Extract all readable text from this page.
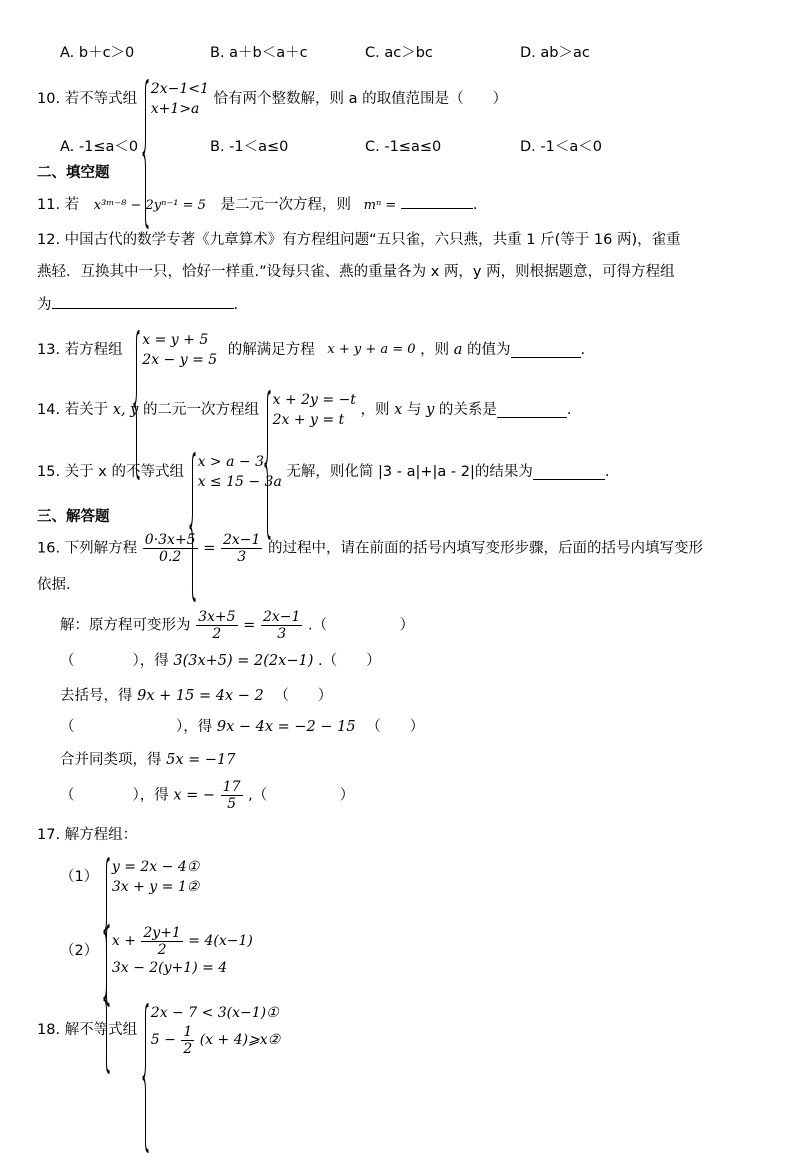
A. b＋c＞0	B. a＋b＜a＋c	C. ac＞bc	D. ab＞ac
10. 若不等式组
2x−1<1
x+1>a
恰有两个整数解，则 a 的取值范围是（　　）
A. -1≤a＜0	B. -1＜a≤0	C. -1≤a≤0	D. -1＜a＜0
二、填空题
11. 若 x³ᵐ⁻⁸ − 2yⁿ⁻¹ = 5 是二元一次方程，则 mⁿ =	.
12. 中国古代的数学专著《九章算术》有方程组问题“五只雀，六只燕，共重 1 斤(等于 16 两)，雀重
燕轻．互换其中一只，恰好一样重.”设每只雀、燕的重量各为 x 两，y 两，则根据题意，可得方程组
为	.
13. 若方程组
x = y + 5
2x − y = 5
的解满足方程 x + y + a = 0 ，则 a 的值为	.
14. 若关于 x, y 的二元一次方程组
x + 2y = −t
2x + y = t
，则 x 与 y 的关系是	.
15. 关于 x 的不等式组
x > a − 3
x ≤ 15 − 3a
无解，则化简 |3 - a|+|a - 2|的结果为	.
三、解答题
16. 下列解方程 $\frac{0\cdot 3x+5}{0.2} = \frac{2x-1}{3}$ 的过程中，请在前面的括号内填写变形步骤，后面的括号内填写变形
依据.
解：原方程可变形为 $\frac{3x+5}{2} = \frac{2x-1}{3}$ .（　　　　　）
（　　　　），得 3(3x+5) = 2(2x−1) .（　　）
去括号，得 9x + 15 = 4x − 2 （　　）
（　　　　　　　），得 9x − 4x = −2 − 15 （　　）
合并同类项，得 5x = −17
（　　　　），得 x = − $\frac{17}{5}$ ,（　　　　　）
17. 解方程组：
（1）
y = 2x − 4①
3x + y = 1②
（2）
$x + \frac{2y+1}{2} = 4(x-1)$
3x − 2(y+1) = 4
18. 解不等式组
2x − 7 < 3(x−1)①
$5 - \frac{1}{2} (x$ + 4)⩾x②
